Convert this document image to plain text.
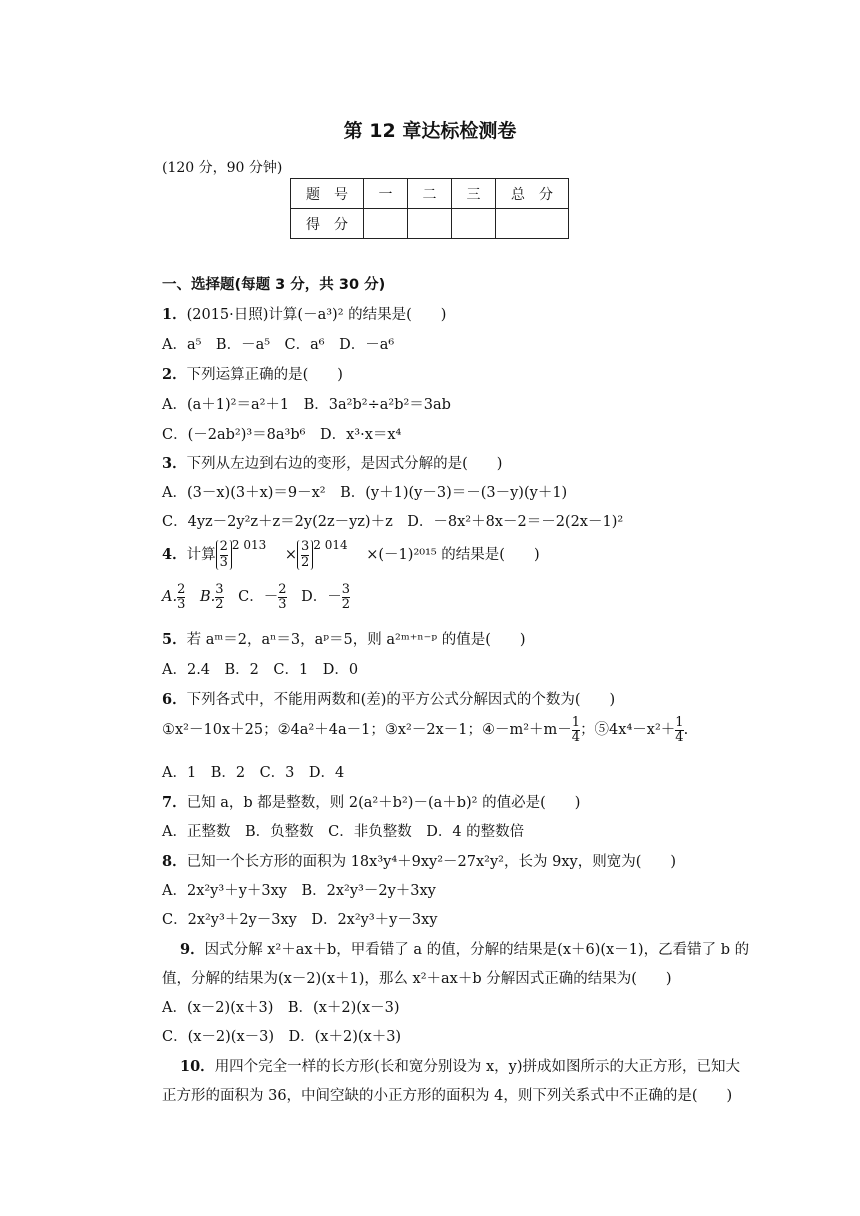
第 12 章达标检测卷
(120 分，90 分钟)
题　号	一	二	三	总　分
得　分				
一、选择题(每题 3 分，共 30 分)
1．(2015·日照)计算(－a³)² 的结果是(　　)
A．a⁵　B．－a⁵　C．a⁶　D．－a⁶
2．下列运算正确的是(　　)
A．(a＋1)²＝a²＋1　B．3a²b²÷a²b²＝3ab
C．(－2ab²)³＝8a³b⁶　D．x³·x＝x⁴
3．下列从左边到右边的变形，是因式分解的是(　　)
A．(3－x)(3＋x)＝9－x²　B．(y＋1)(y－3)＝－(3－y)(y＋1)
C．4yz－2y²z＋z＝2y(2z－yz)＋z　D．－8x²＋8x－2＝－2(2x－1)²
4．计算 $\frac{2}{3} ^{2 013} \times \frac{3}{2} ^{2 014} \times(-1)^{2015}$ 的结果是(　　)
A. $\frac{2}{3} B$. $\frac{3}{2}$ C．－ $\frac{2}{3}$ D．－ $\frac{3}{2}$
5．若 aᵐ＝2，aⁿ＝3，aᵖ＝5，则 a²ᵐ⁺ⁿ⁻ᵖ 的值是(　　)
A．2.4　B．2　C．1　D．0
6．下列各式中，不能用两数和(差)的平方公式分解因式的个数为(　　)
①x²－10x＋25；②4a²＋4a－1；③x²－2x－1；④－m²＋m－ $\frac{1}{4}$ ；⑤4x⁴－x²＋ $\frac{1}{4}$ .
A．1　B．2　C．3　D．4
7．已知 a，b 都是整数，则 2(a²＋b²)－(a＋b)² 的值必是(　　)
A．正整数　B．负整数　C．非负整数　D．4 的整数倍
8．已知一个长方形的面积为 18x³y⁴＋9xy²－27x²y²，长为 9xy，则宽为(　　)
A．2x²y³＋y＋3xy　B．2x²y³－2y＋3xy
C．2x²y³＋2y－3xy　D．2x²y³＋y－3xy
9．因式分解 x²＋ax＋b，甲看错了 a 的值，分解的结果是(x＋6)(x－1)，乙看错了 b 的
值，分解的结果为(x－2)(x＋1)，那么 x²＋ax＋b 分解因式正确的结果为(　　)
A．(x－2)(x＋3)　B．(x＋2)(x－3)
C．(x－2)(x－3)　D．(x＋2)(x＋3)
10．用四个完全一样的长方形(长和宽分别设为 x，y)拼成如图所示的大正方形，已知大
正方形的面积为 36，中间空缺的小正方形的面积为 4，则下列关系式中不正确的是(　　)
